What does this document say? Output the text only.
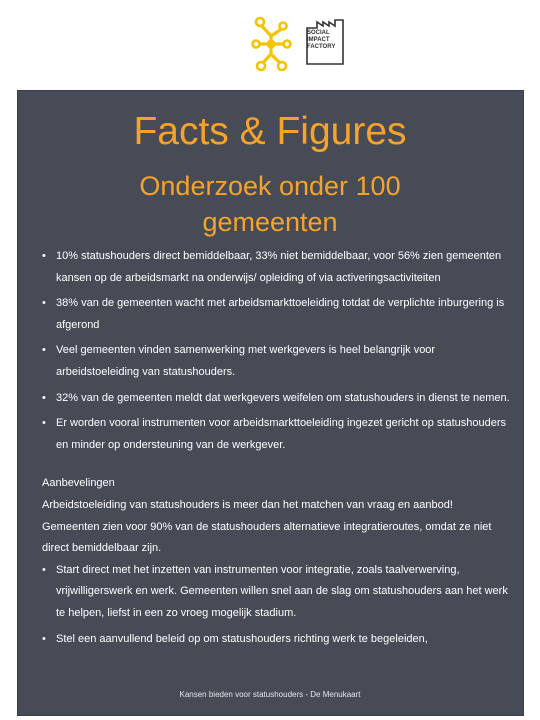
SOCIAL
IMPACT
FACTORY
Facts & Figures
Onderzoek onder 100 gemeenten

• 10% statushouders direct bemiddelbaar, 33% niet bemiddelbaar, voor 56% zien gemeenten kansen op de arbeidsmarkt na onderwijs/ opleiding of via activeringsactiviteiten

• 38% van de gemeenten wacht met arbeidsmarkttoeleiding totdat de verplichte inburgering is afgerond

• Veel gemeenten vinden samenwerking met werkgevers is heel belangrijk voor arbeidstoeleiding van statushouders.

• 32% van de gemeenten meldt dat werkgevers weifelen om statushouders in dienst te nemen.

• Er worden vooral instrumenten voor arbeidsmarkttoeleiding ingezet gericht op statushouders en minder op ondersteuning van de werkgever.

Aanbevelingen

Arbeidstoeleiding van statushouders is meer dan het matchen van vraag en aanbod!

Gemeenten zien voor 90% van de statushouders alternatieve integratieroutes, omdat ze niet direct bemiddelbaar zijn.

• Start direct met het inzetten van instrumenten voor integratie, zoals taalverwerving, vrijwilligerswerk en werk. Gemeenten willen snel aan de slag om statushouders aan het werk te helpen, liefst in een zo vroeg mogelijk stadium.

• Stel een aanvullend beleid op om statushouders richting werk te begeleiden,

Kansen bieden voor statushouders - De Menukaart
